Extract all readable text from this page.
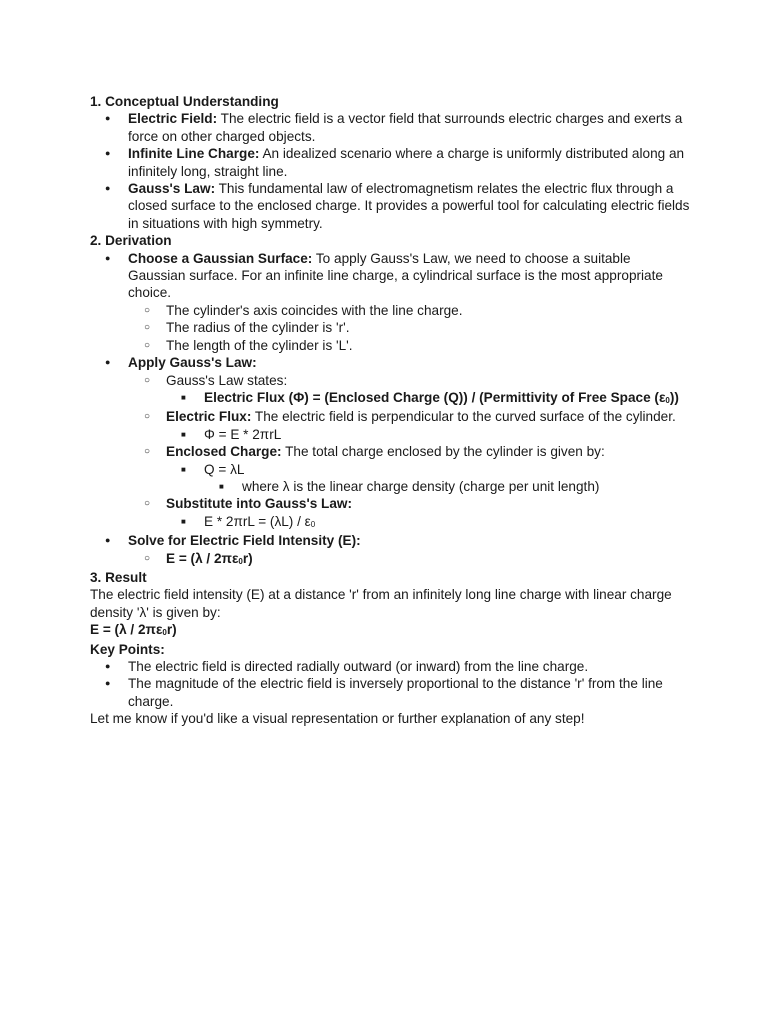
1. Conceptual Understanding

● Electric Field: The electric field is a vector field that surrounds electric charges and exerts a force on other charged objects.
● Infinite Line Charge: An idealized scenario where a charge is uniformly distributed along an infinitely long, straight line.
● Gauss's Law: This fundamental law of electromagnetism relates the electric flux through a closed surface to the enclosed charge. It provides a powerful tool for calculating electric fields in situations with high symmetry.

2. Derivation

● Choose a Gaussian Surface: To apply Gauss's Law, we need to choose a suitable Gaussian surface. For an infinite line charge, a cylindrical surface is the most appropriate choice.
○ The cylinder's axis coincides with the line charge.
○ The radius of the cylinder is 'r'.
○ The length of the cylinder is 'L'.
● Apply Gauss's Law:
○ Gauss's Law states:
■ Electric Flux (Φ) = (Enclosed Charge (Q)) / (Permittivity of Free Space $(\varepsilon_0)$)
○ Electric Flux: The electric field is perpendicular to the curved surface of the cylinder.
■ Φ = E * 2πrL
○ Enclosed Charge: The total charge enclosed by the cylinder is given by:
■ Q = λL
■ where λ is the linear charge density (charge per unit length)
○ Substitute into Gauss's Law:
■ $E * 2\pi rL = (\lambda L) / \varepsilon_0$
● Solve for Electric Field Intensity (E):
○ $E = (\lambda / 2\pi\varepsilon_0r)$

3. Result

The electric field intensity (E) at a distance 'r' from an infinitely long line charge with linear charge density 'λ' is given by:

$E = (\lambda / 2\pi\varepsilon_0r)$

Key Points:

● The electric field is directed radially outward (or inward) from the line charge.
● The magnitude of the electric field is inversely proportional to the distance 'r' from the line charge.

Let me know if you'd like a visual representation or further explanation of any step!
